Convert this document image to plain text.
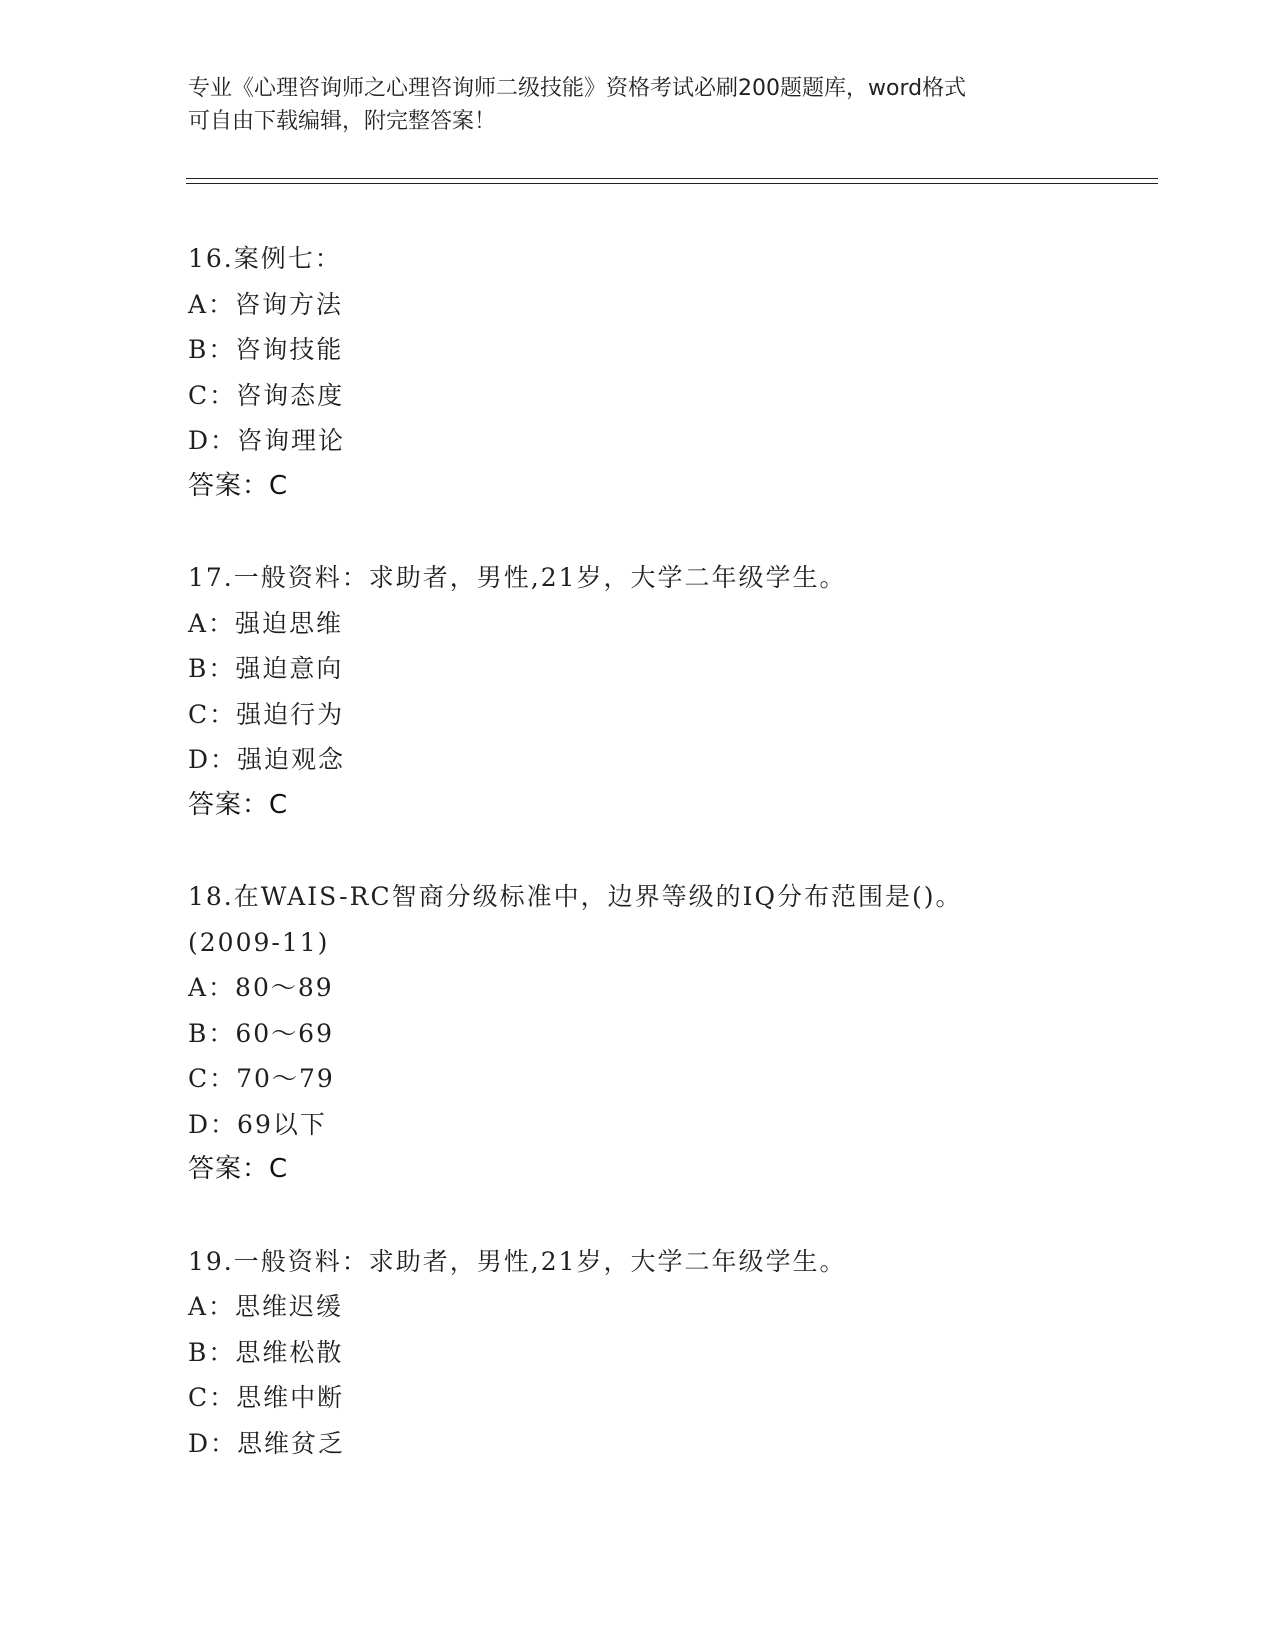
专业《心理咨询师之心理咨询师二级技能》资格考试必刷200题题库，word格式
可自由下载编辑，附完整答案！
16.案例七：
A：咨询方法
B：咨询技能
C：咨询态度
D：咨询理论
答案：C
17.一般资料：求助者，男性,21岁，大学二年级学生。
A：强迫思维
B：强迫意向
C：强迫行为
D：强迫观念
答案：C
18.在WAIS-RC智商分级标准中，边界等级的IQ分布范围是()。
(2009-11)
A：80～89
B：60～69
C：70～79
D：69以下
答案：C
19.一般资料：求助者，男性,21岁，大学二年级学生。
A：思维迟缓
B：思维松散
C：思维中断
D：思维贫乏
